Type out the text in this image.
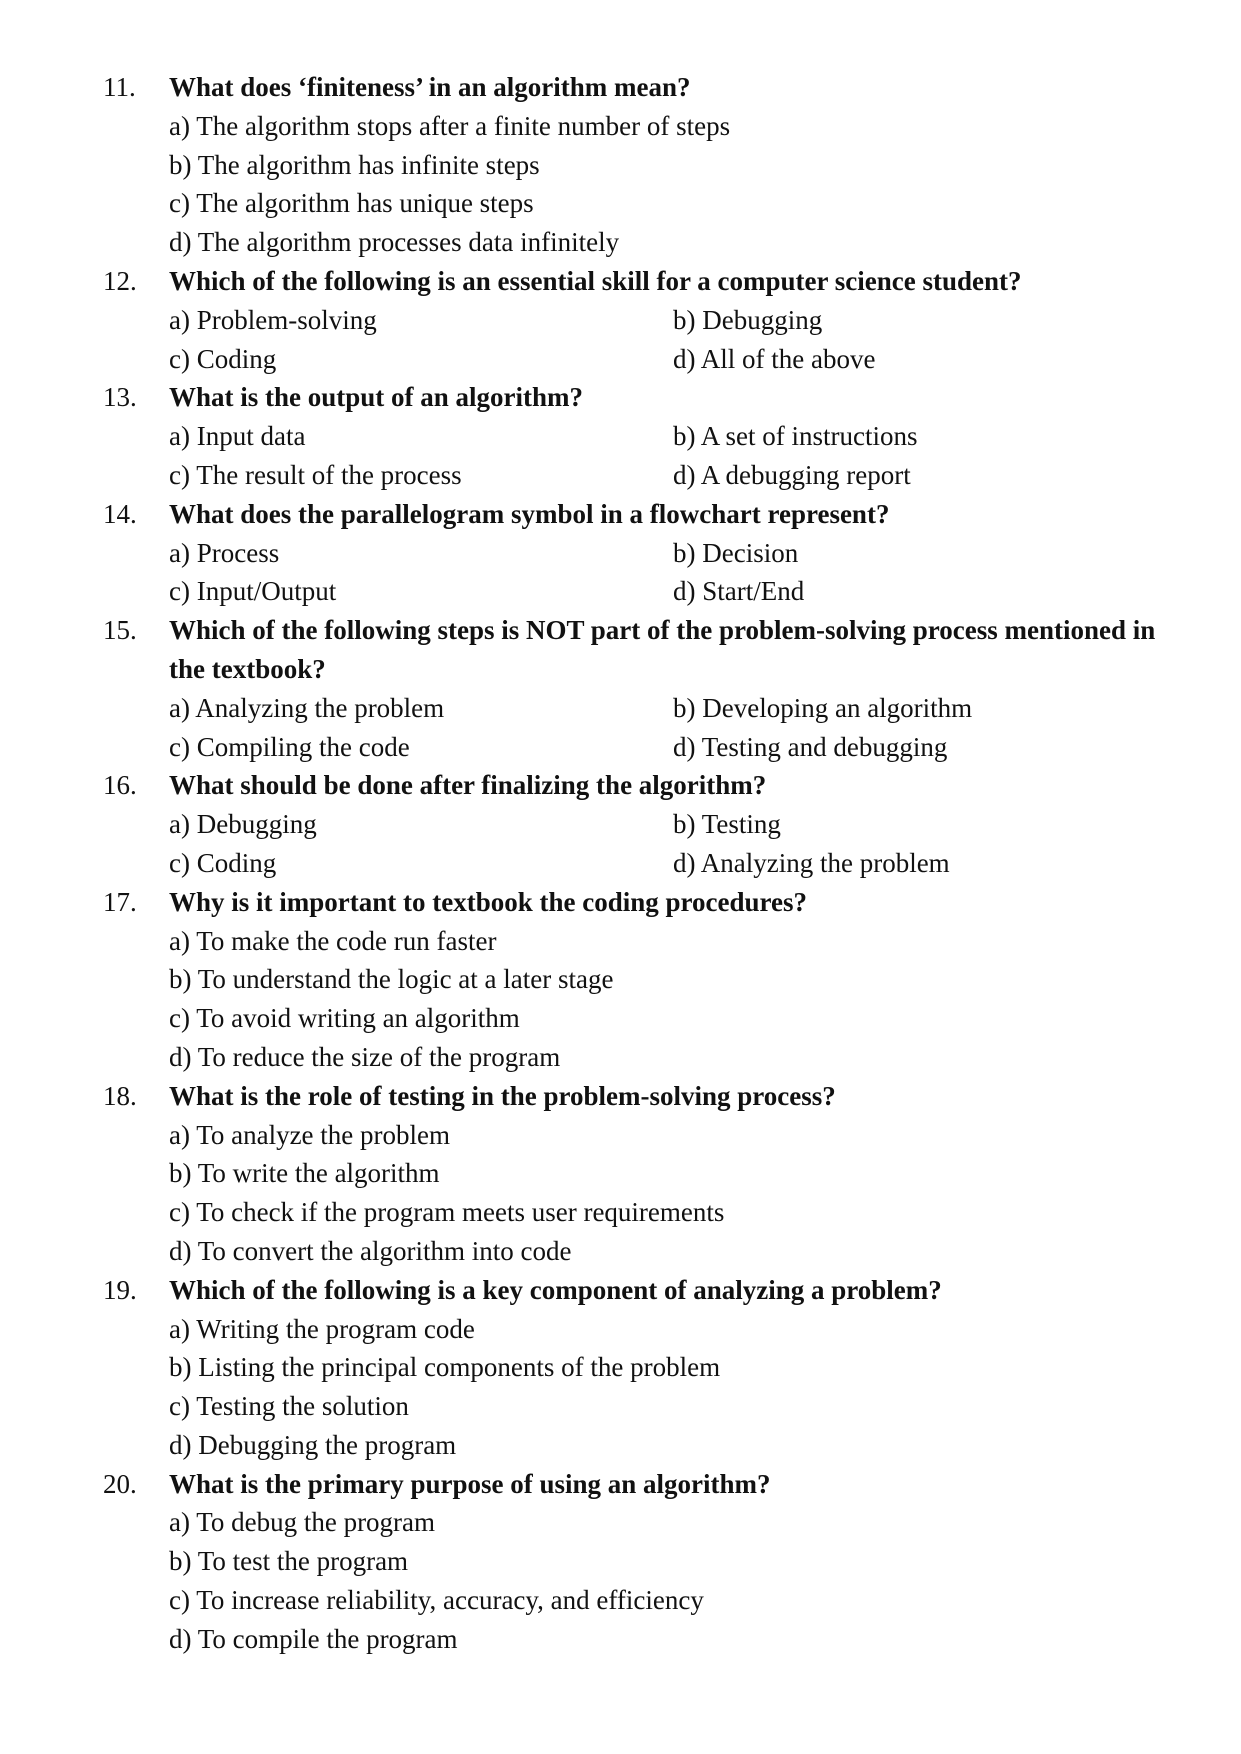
11. What does ‘finiteness’ in an algorithm mean?
a) The algorithm stops after a finite number of steps
b) The algorithm has infinite steps
c) The algorithm has unique steps
d) The algorithm processes data infinitely
12. Which of the following is an essential skill for a computer science student?
a) Problem-solving	b) Debugging
c) Coding	d) All of the above
13. What is the output of an algorithm?
a) Input data	b) A set of instructions
c) The result of the process	d) A debugging report
14. What does the parallelogram symbol in a flowchart represent?
a) Process	b) Decision
c) Input/Output	d) Start/End
15. Which of the following steps is NOT part of the problem-solving process mentioned in the textbook?
a) Analyzing the problem	b) Developing an algorithm
c) Compiling the code	d) Testing and debugging
16. What should be done after finalizing the algorithm?
a) Debugging	b) Testing
c) Coding	d) Analyzing the problem
17. Why is it important to textbook the coding procedures?
a) To make the code run faster
b) To understand the logic at a later stage
c) To avoid writing an algorithm
d) To reduce the size of the program
18. What is the role of testing in the problem-solving process?
a) To analyze the problem
b) To write the algorithm
c) To check if the program meets user requirements
d) To convert the algorithm into code
19. Which of the following is a key component of analyzing a problem?
a) Writing the program code
b) Listing the principal components of the problem
c) Testing the solution
d) Debugging the program
20. What is the primary purpose of using an algorithm?
a) To debug the program
b) To test the program
c) To increase reliability, accuracy, and efficiency
d) To compile the program
